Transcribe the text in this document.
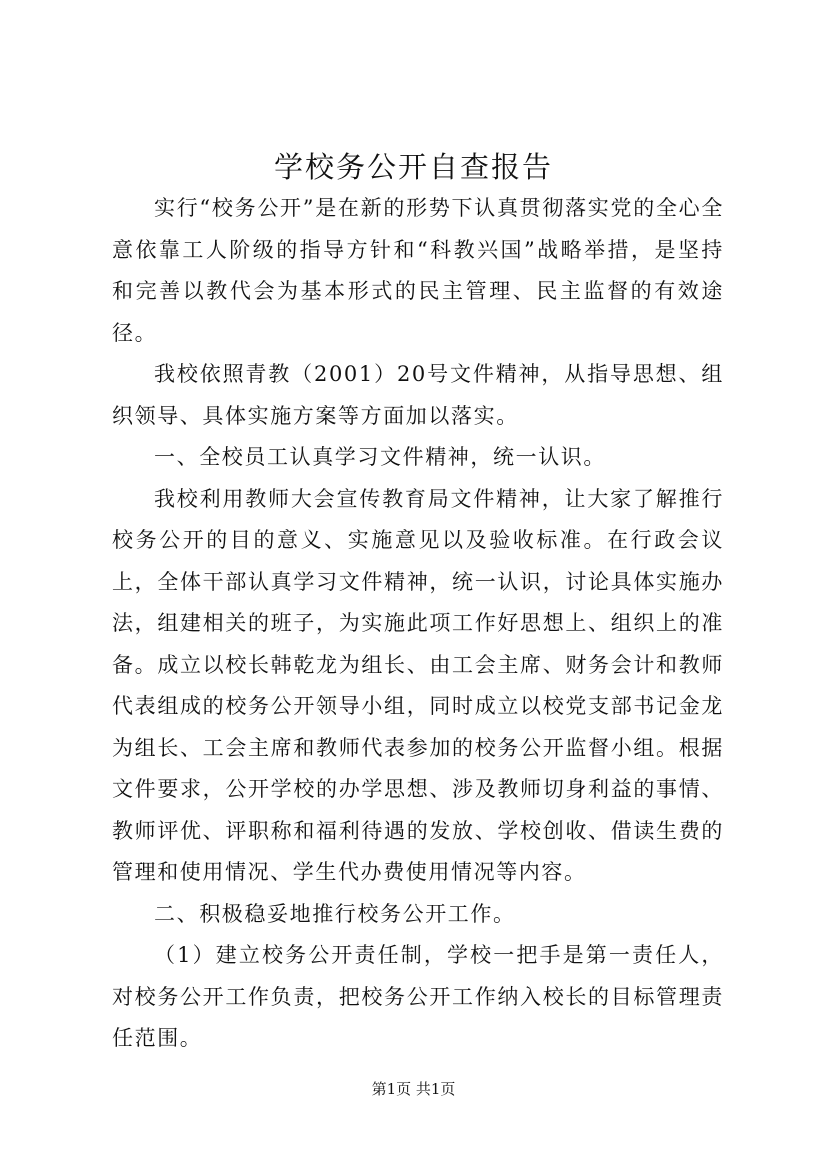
学校务公开自查报告

实行“校务公开”是在新的形势下认真贯彻落实党的全心全意依靠工人阶级的指导方针和“科教兴国”战略举措，是坚持和完善以教代会为基本形式的民主管理、民主监督的有效途径。

我校依照青教（2001）20号文件精神，从指导思想、组织领导、具体实施方案等方面加以落实。

一、全校员工认真学习文件精神，统一认识。

我校利用教师大会宣传教育局文件精神，让大家了解推行校务公开的目的意义、实施意见以及验收标准。在行政会议上，全体干部认真学习文件精神，统一认识，讨论具体实施办法，组建相关的班子，为实施此项工作好思想上、组织上的准备。成立以校长韩乾龙为组长、由工会主席、财务会计和教师代表组成的校务公开领导小组，同时成立以校党支部书记金龙为组长、工会主席和教师代表参加的校务公开监督小组。根据文件要求，公开学校的办学思想、涉及教师切身利益的事情、教师评优、评职称和福利待遇的发放、学校创收、借读生费的管理和使用情况、学生代办费使用情况等内容。

二、积极稳妥地推行校务公开工作。

（1）建立校务公开责任制，学校一把手是第一责任人，对校务公开工作负责，把校务公开工作纳入校长的目标管理责任范围。

第1页 共1页
